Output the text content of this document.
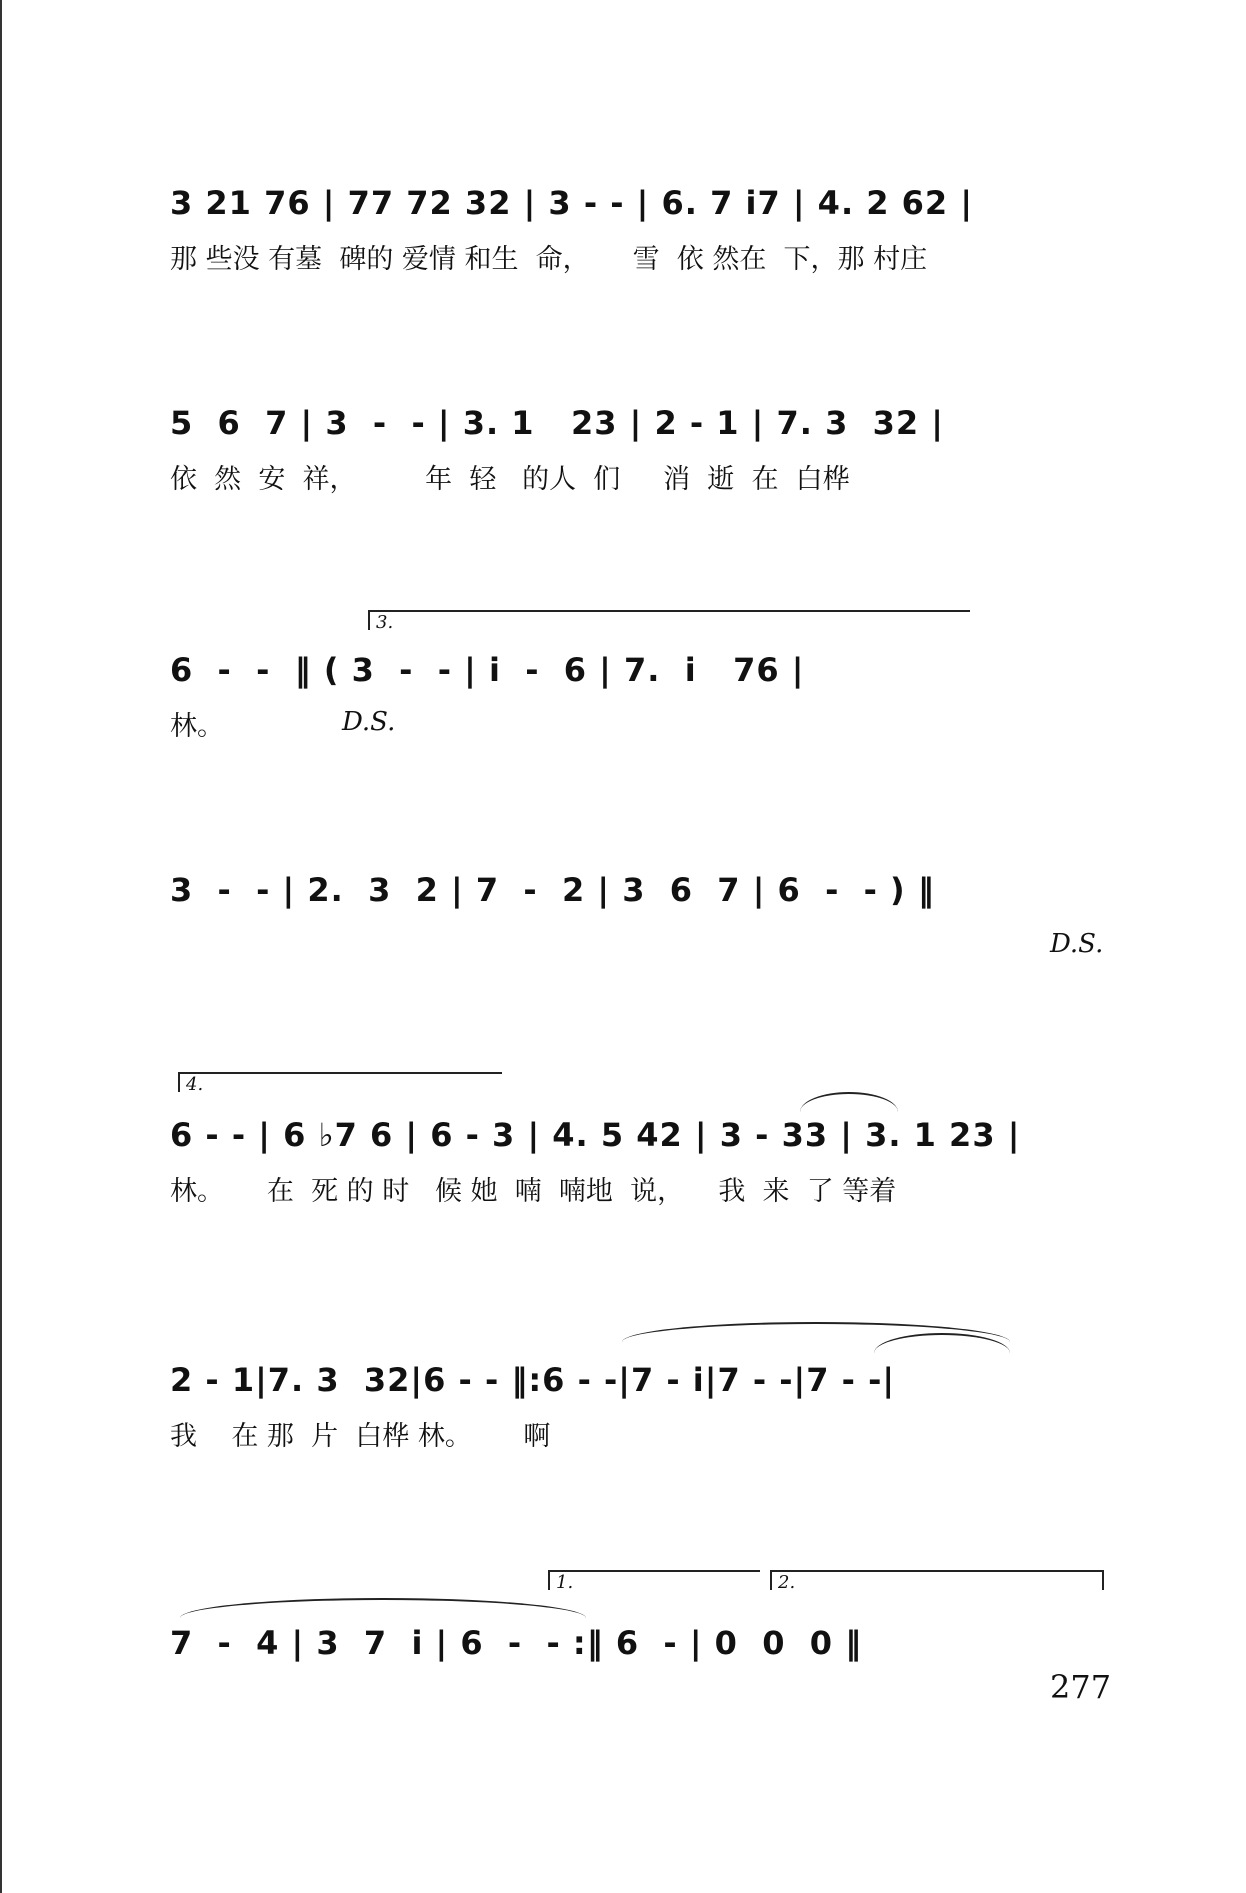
3 21 76 | 77 72 32 | 3 - - | 6. 7 i7 | 4. 2 62 |
那 些没 有墓  碑的 爱情 和生  命，     雪  依 然在  下，那 村庄
5  6  7 | 3  -  - | 3. 1   23 | 2 - 1 | 7. 3  32 |
依  然  安  祥，        年  轻   的人  们     消  逝  在  白桦
3.
6  -  -  ‖ ( 3  -  - | i  -  6 | 7.  i   76 |
林。	D.S.
3  -  - | 2.  3  2 | 7  -  2 | 3  6  7 | 6  -  - ) ‖
D.S.
4.
6 - - | 6 ♭7 6 | 6 - 3 | 4. 5 42 | 3 - 33 | 3. 1 23 |
林。     在  死 的 时   候 她  喃  喃地  说，    我  来  了 等着
2 - 1|7. 3  32|6 - - ‖:6 - -|7 - i|7 - -|7 - -|
我    在 那  片  白桦 林。      啊
1.	2.
7  -  4 | 3  7  i | 6  -  - :‖ 6  - | 0  0  0 ‖
277
